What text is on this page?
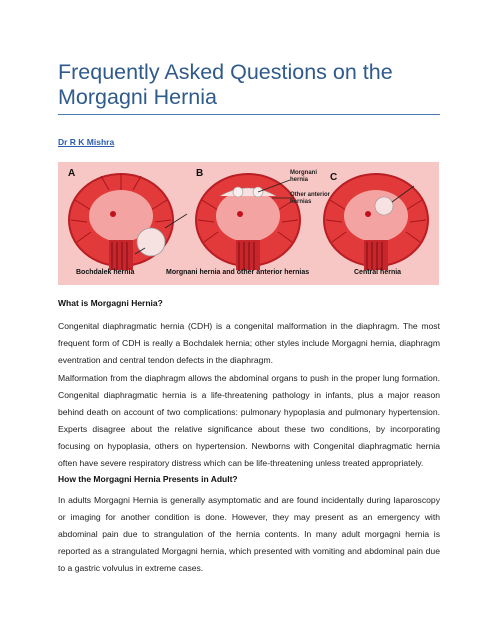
Frequently Asked Questions on the Morgagni Hernia
Dr R K Mishra
A	B	C
Morgnani hernia
Other anterior hernias
Bochdalek hernia	Morgnani hernia and other anterior hernias	Central hernia
What is Morgagni Hernia?
Congenital diaphragmatic hernia (CDH) is a congenital malformation in the diaphragm. The most frequent form of CDH is really a Bochdalek hernia; other styles include Morgagni hernia, diaphragm eventration and central tendon defects in the diaphragm.
Malformation from the diaphragm allows the abdominal organs to push in the proper lung formation. Congenital diaphragmatic hernia is a life-threatening pathology in infants, plus a major reason behind death on account of two complications: pulmonary hypoplasia and pulmonary hypertension. Experts disagree about the relative significance about these two conditions, by incorporating focusing on hypoplasia, others on hypertension. Newborns with Congenital diaphragmatic hernia often have severe respiratory distress which can be life-threatening unless treated appropriately.
How the Morgagni Hernia Presents in Adult?
In adults Morgagni Hernia is generally asymptomatic and are found incidentally during laparoscopy or imaging for another condition is done. However, they may present as an emergency with abdominal pain due to strangulation of the hernia contents. In many adult morgagni hernia is reported as a strangulated Morgagni hernia, which presented with vomiting and abdominal pain due to a gastric volvulus in extreme cases.
